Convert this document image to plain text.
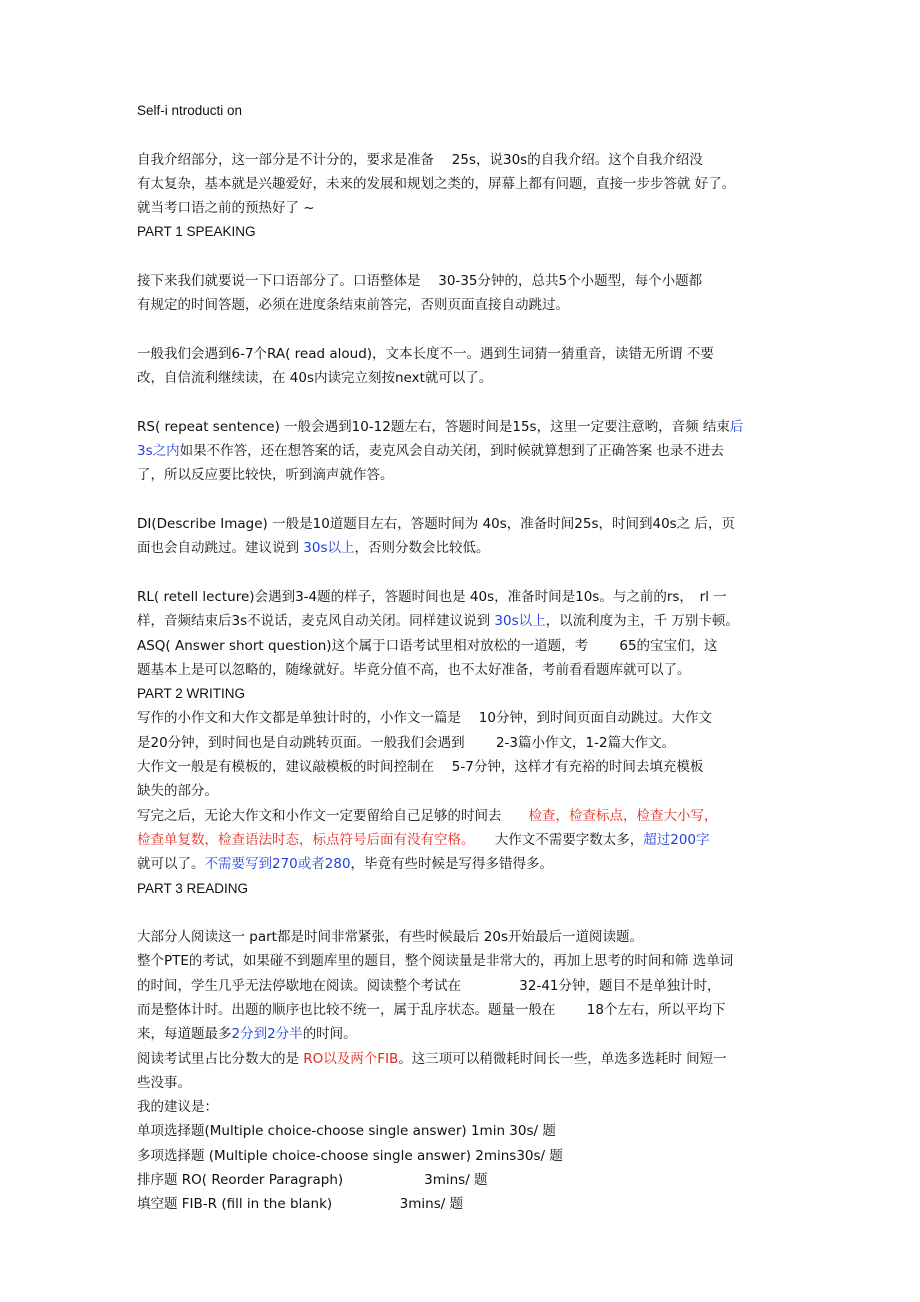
Self-i ntroducti on

自我介绍部分，这一部分是不计分的，要求是准备　 25s，说30s的自我介绍。这个自我介绍没

有太复杂，基本就是兴趣爱好，未来的发展和规划之类的，屏幕上都有问题，直接一步步答就 好了。

就当考口语之前的预热好了 ~

PART 1 SPEAKING

接下来我们就要说一下口语部分了。口语整体是　 30-35分钟的，总共5个小题型，每个小题都

有规定的时间答题，必须在进度条结束前答完，否则页面直接自动跳过。

一般我们会遇到6-7个RA( read aloud)，文本长度不一。遇到生词猜一猜重音，读错无所谓 不要

改，自信流利继续读，在 40s内读完立刻按next就可以了。

RS( repeat sentence) 一般会遇到10-12题左右，答题时间是15s，这里一定要注意哟，音频 结束后

3s之内如果不作答，还在想答案的话，麦克风会自动关闭，到时候就算想到了正确答案 也录不进去

了，所以反应要比较快，听到滴声就作答。

DI(Describe Image) 一般是10道题目左右，答题时间为 40s，准备时间25s，时间到40s之 后，页

面也会自动跳过。建议说到 30s以上，否则分数会比较低。

RL( retell lecture)会遇到3-4题的样子，答题时间也是 40s，准备时间是10s。与之前的rs，　rl 一

样，音频结束后3s不说话，麦克风自动关闭。同样建议说到 30s以上，以流利度为主，千 万别卡顿。

ASQ( Answer short question)这个属于口语考试里相对放松的一道题，考　　 65的宝宝们，这

题基本上是可以忽略的，随缘就好。毕竟分值不高，也不太好准备，考前看看题库就可以了。

PART 2 WRITING

写作的小作文和大作文都是单独计时的，小作文一篇是　 10分钟，到时间页面自动跳过。大作文

是20分钟，到时间也是自动跳转页面。一般我们会遇到　　 2-3篇小作文，1-2篇大作文。

大作文一般是有模板的，建议敲模板的时间控制在　 5-7分钟，这样才有充裕的时间去填充模板

缺失的部分。

写完之后，无论大作文和小作文一定要留给自己足够的时间去　　检查，检查标点，检查大小写，

检查单复数，检查语法时态，标点符号后面有没有空格。　　大作文不需要字数太多，超过200字

就可以了。不需要写到270或者280，毕竟有些时候是写得多错得多。

PART 3 READING

大部分人阅读这一 part都是时间非常紧张，有些时候最后 20s开始最后一道阅读题。

整个PTE的考试，如果碰不到题库里的题目，整个阅读量是非常大的，再加上思考的时间和筛 选单词

的时间，学生几乎无法停歇地在阅读。阅读整个考试在　　　　 32-41分钟，题目不是单独计时，

而是整体计时。出题的顺序也比较不统一，属于乱序状态。题量一般在　　 18个左右，所以平均下

来，每道题最多2分到2分半的时间。

阅读考试里占比分数大的是 RO以及两个FIB。这三项可以稍微耗时间长一些，单选多选耗时 间短一

些没事。

我的建议是：

单项选择题(Multiple choice-choose single answer) 1min 30s/ 题

多项选择题 (Multiple choice-choose single answer) 2mins30s/ 题

排序题 RO( Reorder Paragraph)　　　　　　3mins/ 题

填空题 FIB-R (fill in the blank)　　　　　3mins/ 题
